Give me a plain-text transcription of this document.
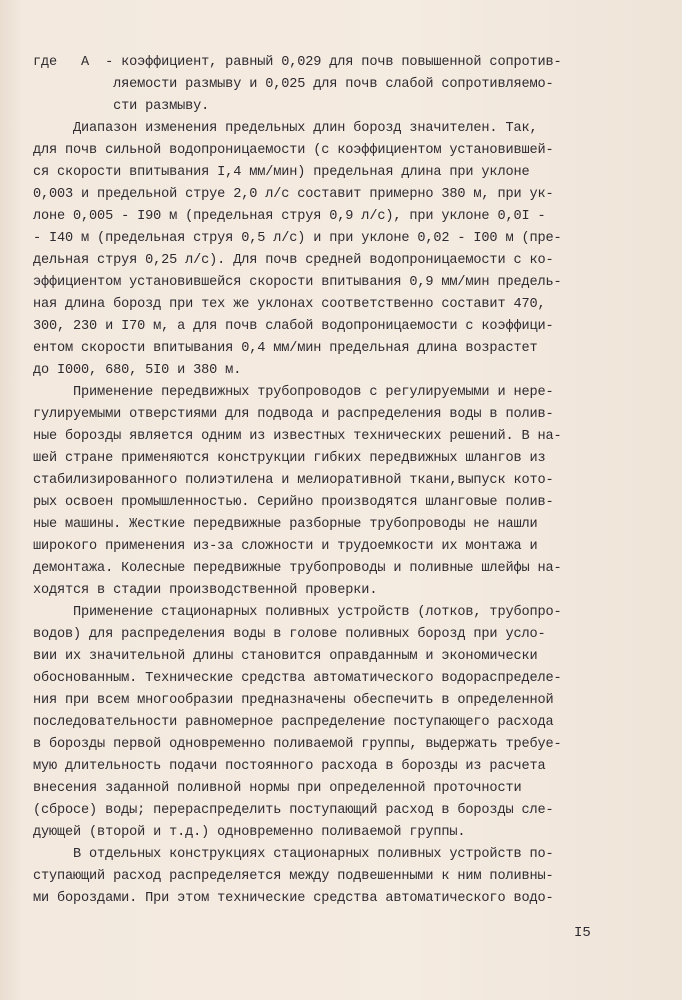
где   A  - коэффициент, равный 0,029 для почв повышенной сопротив-
ляемости размыву и 0,025 для почв слабой сопротивляемо-
сти размыву.
Диапазон изменения предельных длин борозд значителен. Так,
для почв сильной водопроницаемости (с коэффициентом установившей-
ся скорости впитывания I,4 мм/мин) предельная длина при уклоне
0,003 и предельной струе 2,0 л/с составит примерно 380 м, при ук-
лоне 0,005 - I90 м (предельная струя 0,9 л/с), при уклоне 0,0I -
- I40 м (предельная струя 0,5 л/с) и при уклоне 0,02 - I00 м (пре-
дельная струя 0,25 л/с). Для почв средней водопроницаемости с ко-
эффициентом установившейся скорости впитывания 0,9 мм/мин предель-
ная длина борозд при тех же уклонах соответственно составит 470,
300, 230 и I70 м, а для почв слабой водопроницаемости с коэффици-
ентом скорости впитывания 0,4 мм/мин предельная длина возрастет
до I000, 680, 5I0 и 380 м.
Применение передвижных трубопроводов с регулируемыми и нере-
гулируемыми отверстиями для подвода и распределения воды в полив-
ные борозды является одним из известных технических решений. В на-
шей стране применяются конструкции гибких передвижных шлангов из
стабилизированного полиэтилена и мелиоративной ткани,выпуск кото-
рых освоен промышленностью. Серийно производятся шланговые полив-
ные машины. Жесткие передвижные разборные трубопроводы не нашли
широкого применения из-за сложности и трудоемкости их монтажа и
демонтажа. Колесные передвижные трубопроводы и поливные шлейфы на-
ходятся в стадии производственной проверки.
Применение стационарных поливных устройств (лотков, трубопро-
водов) для распределения воды в голове поливных борозд при усло-
вии их значительной длины становится оправданным и экономически
обоснованным. Технические средства автоматического водораспределе-
ния при всем многообразии предназначены обеспечить в определенной
последовательности равномерное распределение поступающего расхода
в борозды первой одновременно поливаемой группы, выдержать требуе-
мую длительность подачи постоянного расхода в борозды из расчета
внесения заданной поливной нормы при определенной проточности
(сбросе) воды; перераспределить поступающий расход в борозды сле-
дующей (второй и т.д.) одновременно поливаемой группы.
В отдельных конструкциях стационарных поливных устройств по-
ступающий расход распределяется между подвешенными к ним поливны-
ми бороздами. При этом технические средства автоматического водо-
I5
